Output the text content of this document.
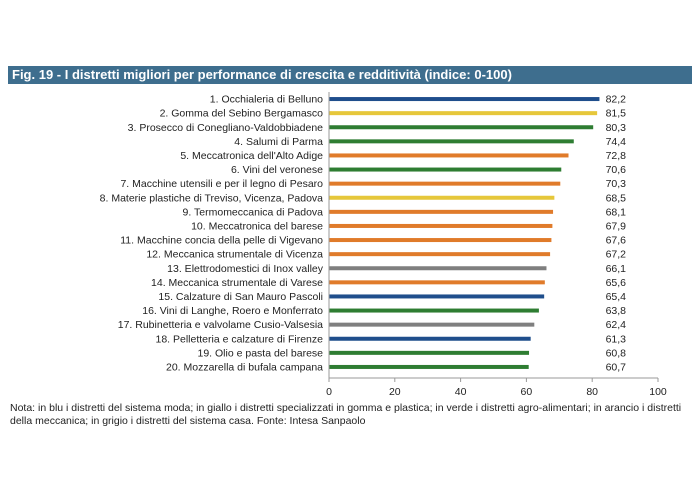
Fig. 19 - I distretti migliori per performance di crescita e redditività (indice: 0-100)
1. Occhialeria di Belluno	82,2
2. Gomma del Sebino Bergamasco	81,5
3. Prosecco di Conegliano-Valdobbiadene	80,3
4. Salumi di Parma	74,4
5. Meccatronica dell'Alto Adige	72,8
6. Vini del veronese	70,6
7. Macchine utensili e per il legno di Pesaro	70,3
8. Materie plastiche di Treviso, Vicenza, Padova	68,5
9. Termomeccanica di Padova	68,1
10. Meccatronica del barese	67,9
11. Macchine concia della pelle di Vigevano	67,6
12. Meccanica strumentale di Vicenza	67,2
13. Elettrodomestici di Inox valley	66,1
14. Meccanica strumentale di Varese	65,6
15. Calzature di San Mauro Pascoli	65,4
16. Vini di Langhe, Roero e Monferrato	63,8
17. Rubinetteria e valvolame Cusio-Valsesia	62,4
18. Pelletteria e calzature di Firenze	61,3
19. Olio e pasta del barese	60,8
20. Mozzarella di bufala campana	60,7
0	20	40	60	80	100
Nota: in blu i distretti del sistema moda; in giallo i distretti specializzati in gomma e plastica; in verde i distretti agro-alimentari; in arancio i distretti della meccanica; in grigio i distretti del sistema casa. Fonte: Intesa Sanpaolo
